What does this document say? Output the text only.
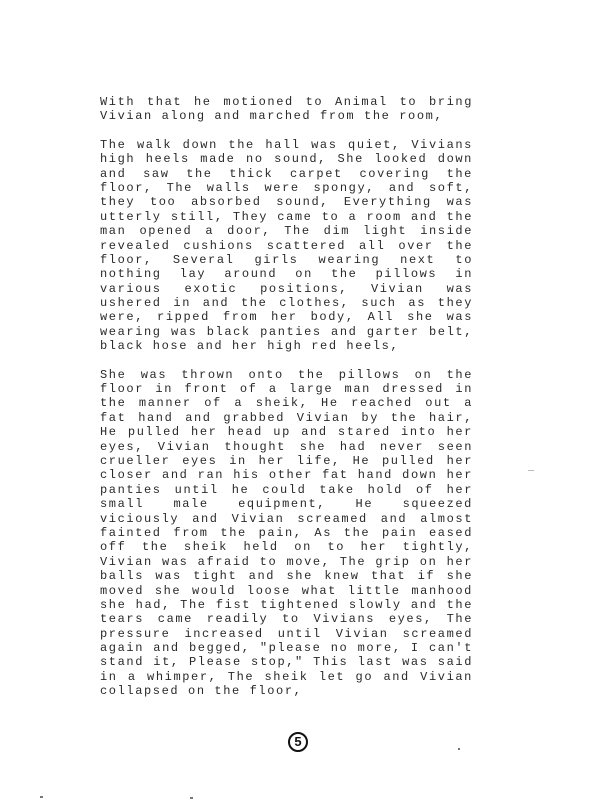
With that he motioned to Animal to bring
Vivian along and marched from the room,
The walk down the hall was quiet, Vivians
high heels made no sound, She looked down
and saw the thick carpet covering the
floor, The walls were spongy, and soft,
they too absorbed sound, Everything was
utterly still, They came to a room and the
man opened a door, The dim light inside
revealed cushions scattered all over the
floor, Several girls wearing next to
nothing lay around on the pillows in
various exotic positions, Vivian was
ushered in and the clothes, such as they
were, ripped from her body, All she was
wearing was black panties and garter belt,
black hose and her high red heels,
She was thrown onto the pillows on the
floor in front of a large man dressed in
the manner of a sheik, He reached out a
fat hand and grabbed Vivian by the hair,
He pulled her head up and stared into her
eyes, Vivian thought she had never seen
crueller eyes in her life, He pulled her
closer and ran his other fat hand down her
panties until he could take hold of her
small male equipment, He squeezed
viciously and Vivian screamed and almost
fainted from the pain, As the pain eased
off the sheik held on to her tightly,
Vivian was afraid to move, The grip on her
balls was tight and she knew that if she
moved she would loose what little manhood
she had, The fist tightened slowly and the
tears came readily to Vivians eyes, The
pressure increased until Vivian screamed
again and begged, "please no more, I can't
stand it, Please stop," This last was said
in a whimper, The sheik let go and Vivian
collapsed on the floor,
5
